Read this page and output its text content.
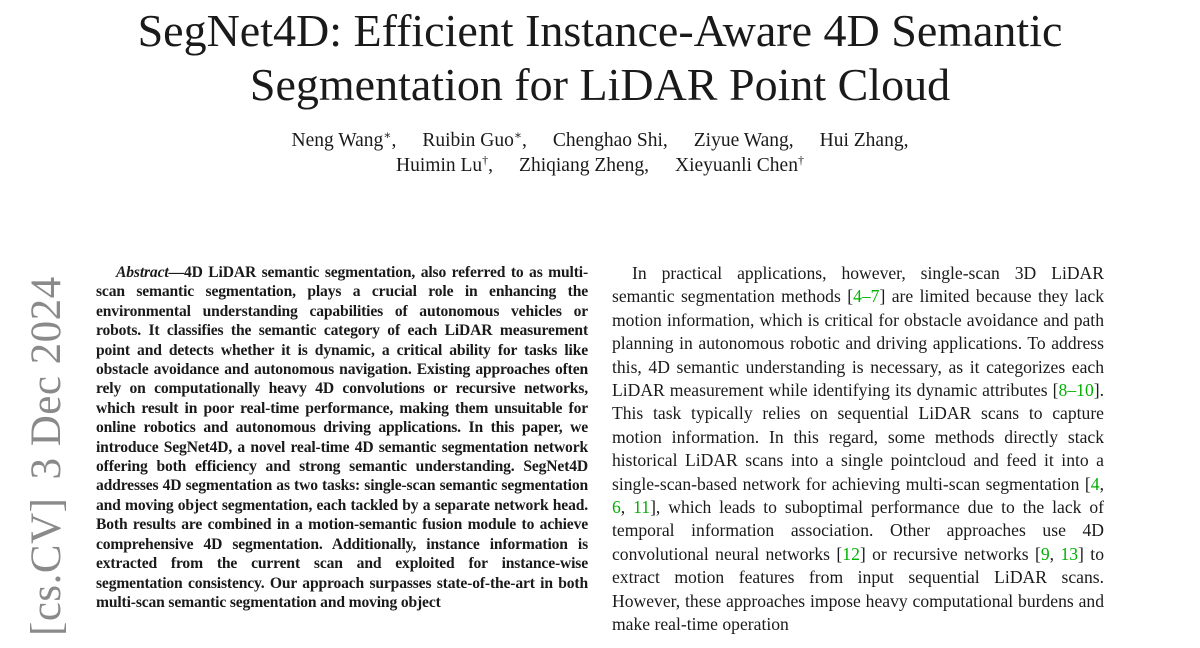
SegNet4D: Efficient Instance-Aware 4D Semantic
Segmentation for LiDAR Point Cloud
Neng Wang∗, Ruibin Guo∗, Chenghao Shi, Ziyue Wang, Hui Zhang,
Huimin Lu†, Zhiqiang Zheng, Xieyuanli Chen†
[cs.CV]3 Dec 2024

Abstract—4D LiDAR semantic segmentation, also referred to as multi-scan semantic segmentation, plays a crucial role in enhancing the environmental understanding capabilities of autonomous vehicles or robots. It classifies the semantic category of each LiDAR measurement point and detects whether it is dynamic, a critical ability for tasks like obstacle avoidance and autonomous navigation. Existing approaches often rely on computationally heavy 4D convolutions or recursive networks, which result in poor real-time performance, making them unsuitable for online robotics and autonomous driving applications. In this paper, we introduce SegNet4D, a novel real-time 4D semantic segmentation network offering both efficiency and strong semantic understanding. SegNet4D addresses 4D segmentation as two tasks: single-scan semantic segmentation and moving object segmentation, each tackled by a separate network head. Both results are combined in a motion-semantic fusion module to achieve comprehensive 4D segmentation. Additionally, instance information is extracted from the current scan and exploited for instance-wise segmentation consistency. Our approach surpasses state-of-the-art in both multi-scan semantic segmentation and moving object

In practical applications, however, single-scan 3D LiDAR semantic segmentation methods [4–7] are limited because they lack motion information, which is critical for obstacle avoidance and path planning in autonomous robotic and driving applications. To address this, 4D semantic understanding is necessary, as it categorizes each LiDAR measurement while identifying its dynamic attributes [8–10]. This task typically relies on sequential LiDAR scans to capture motion information. In this regard, some methods directly stack historical LiDAR scans into a single pointcloud and feed it into a single-scan-based network for achieving multi-scan segmentation [4, 6, 11], which leads to suboptimal performance due to the lack of temporal information association. Other approaches use 4D convolutional neural networks [12] or recursive networks [9, 13] to extract motion features from input sequential LiDAR scans. However, these approaches impose heavy computational burdens and make real-time operation
